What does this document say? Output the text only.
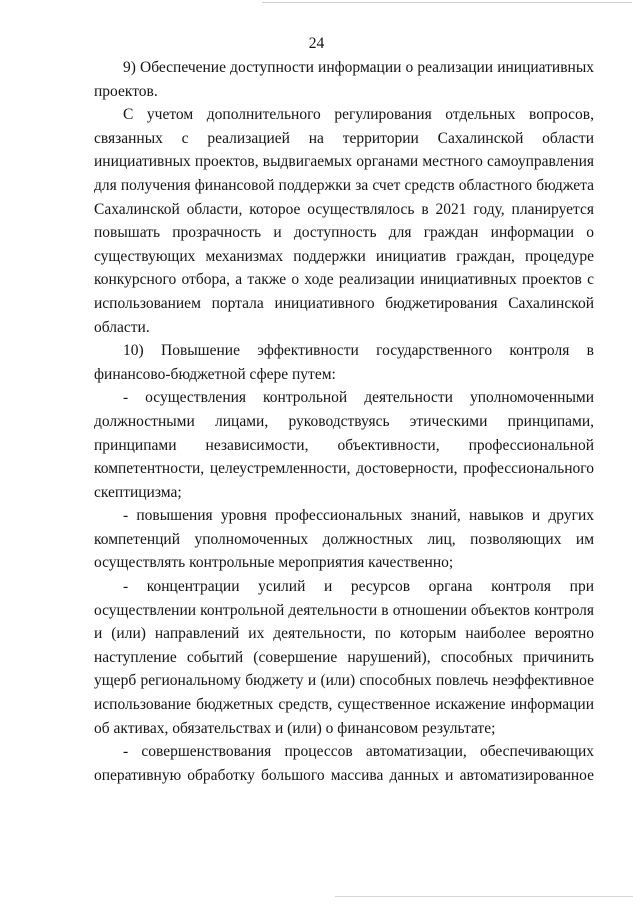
24

9) Обеспечение доступности информации о реализации инициативных проектов.

С учетом дополнительного регулирования отдельных вопросов, связанных с реализацией на территории Сахалинской области инициативных проектов, выдвигаемых органами местного самоуправления для получения финансовой поддержки за счет средств областного бюджета Сахалинской области, которое осуществлялось в 2021 году, планируется повышать прозрачность и доступность для граждан информации о существующих механизмах поддержки инициатив граждан, процедуре конкурсного отбора, а также о ходе реализации инициативных проектов с использованием портала инициативного бюджетирования Сахалинской области.

10) Повышение эффективности государственного контроля в финансово-бюджетной сфере путем:

- осуществления контрольной деятельности уполномоченными должностными лицами, руководствуясь этическими принципами, принципами независимости, объективности, профессиональной компетентности, целеустремленности, достоверности, профессионального скептицизма;

- повышения уровня профессиональных знаний, навыков и других компетенций уполномоченных должностных лиц, позволяющих им осуществлять контрольные мероприятия качественно;

- концентрации усилий и ресурсов органа контроля при осуществлении контрольной деятельности в отношении объектов контроля и (или) направлений их деятельности, по которым наиболее вероятно наступление событий (совершение нарушений), способных причинить ущерб региональному бюджету и (или) способных повлечь неэффективное использование бюджетных средств, существенное искажение информации об активах, обязательствах и (или) о финансовом результате;

- совершенствования процессов автоматизации, обеспечивающих оперативную обработку большого массива данных и автоматизированное
